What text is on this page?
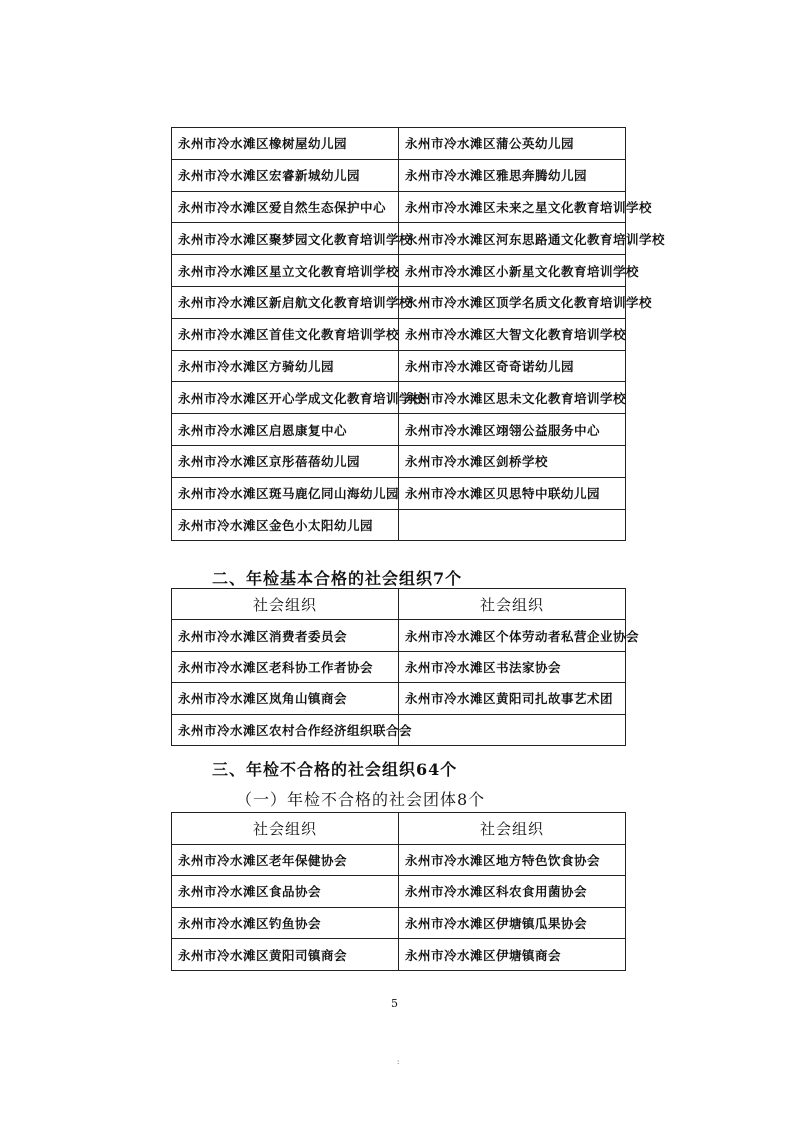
永州市冷水滩区橡树屋幼儿园	永州市冷水滩区蒲公英幼儿园
永州市冷水滩区宏睿新城幼儿园	永州市冷水滩区雅思奔腾幼儿园
永州市冷水滩区爱自然生态保护中心	永州市冷水滩区未来之星文化教育培训学校
永州市冷水滩区聚梦园文化教育培训学校	永州市冷水滩区河东思路通文化教育培训学校
永州市冷水滩区星立文化教育培训学校	永州市冷水滩区小新星文化教育培训学校
永州市冷水滩区新启航文化教育培训学校	永州市冷水滩区顶学名质文化教育培训学校
永州市冷水滩区首佳文化教育培训学校	永州市冷水滩区大智文化教育培训学校
永州市冷水滩区方骑幼儿园	永州市冷水滩区奇奇诺幼儿园
永州市冷水滩区开心学成文化教育培训学校	永州市冷水滩区思未文化教育培训学校
永州市冷水滩区启恩康复中心	永州市冷水滩区翊翎公益服务中心
永州市冷水滩区京彤蓓蓓幼儿园	永州市冷水滩区剑桥学校
永州市冷水滩区斑马鹿亿同山海幼儿园	永州市冷水滩区贝思特中联幼儿园
永州市冷水滩区金色小太阳幼儿园	
二、年检基本合格的社会组织7个
社会组织	社会组织
永州市冷水滩区消费者委员会	永州市冷水滩区个体劳动者私营企业协会
永州市冷水滩区老科协工作者协会	永州市冷水滩区书法家协会
永州市冷水滩区岚角山镇商会	永州市冷水滩区黄阳司扎故事艺术团
永州市冷水滩区农村合作经济组织联合会	
三、年检不合格的社会组织64个
（一）年检不合格的社会团体8个
社会组织	社会组织
永州市冷水滩区老年保健协会	永州市冷水滩区地方特色饮食协会
永州市冷水滩区食品协会	永州市冷水滩区科农食用菌协会
永州市冷水滩区钓鱼协会	永州市冷水滩区伊塘镇瓜果协会
永州市冷水滩区黄阳司镇商会	永州市冷水滩区伊塘镇商会
5
:
